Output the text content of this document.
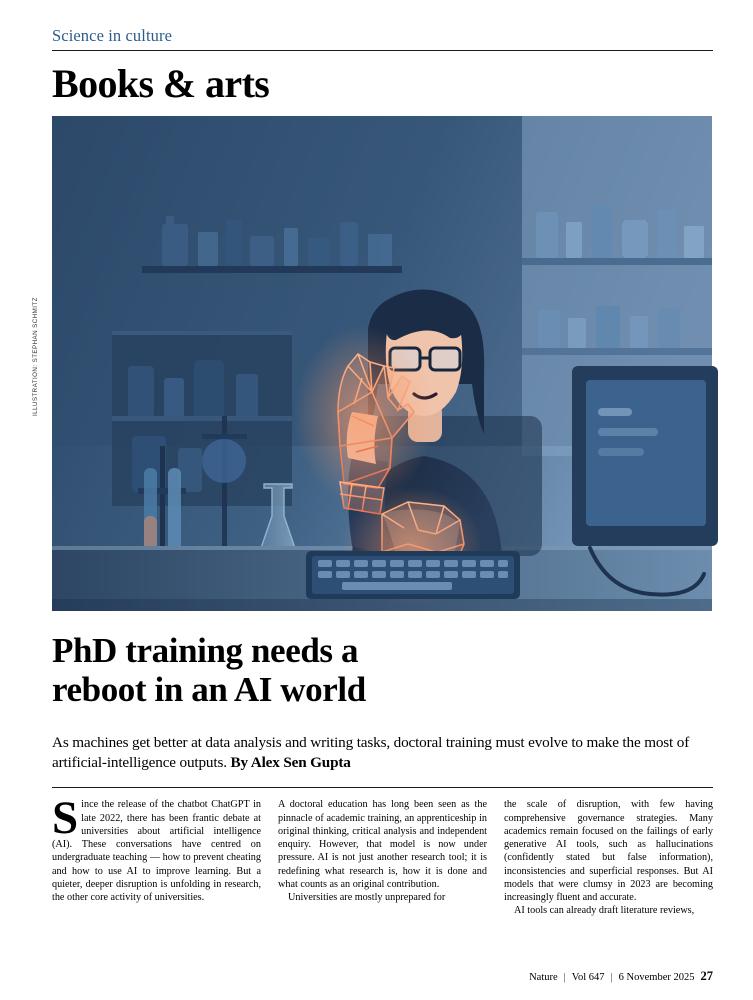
Science in culture
Books & arts
ILLUSTRATION: STEPHAN SCHMITZ
PhD training needs a
reboot in an AI world
As machines get better at data analysis and writing tasks, doctoral training must evolve to make the most of artificial-intelligence outputs. By Alex Sen Gupta

Since the release of the chatbot ChatGPT in late 2022, there has been frantic debate at universities about artificial intelligence (AI). These conversations have centred on undergraduate teaching — how to prevent cheating and how to use AI to improve learning. But a quieter, deeper disruption is unfolding in research, the other core activity of universities.

A doctoral education has long been seen as the pinnacle of academic training, an apprenticeship in original thinking, critical analysis and independent enquiry. However, that model is now under pressure. AI is not just another research tool; it is redefining what research is, how it is done and what counts as an original contribution.

Universities are mostly unprepared for

the scale of disruption, with few having comprehensive governance strategies. Many academics remain focused on the failings of early generative AI tools, such as hallucinations (confidently stated but false information), inconsistencies and superficial responses. But AI models that were clumsy in 2023 are becoming increasingly fluent and accurate.

AI tools can already draft literature reviews,

Nature | Vol 647 | 6 November 2025 27
